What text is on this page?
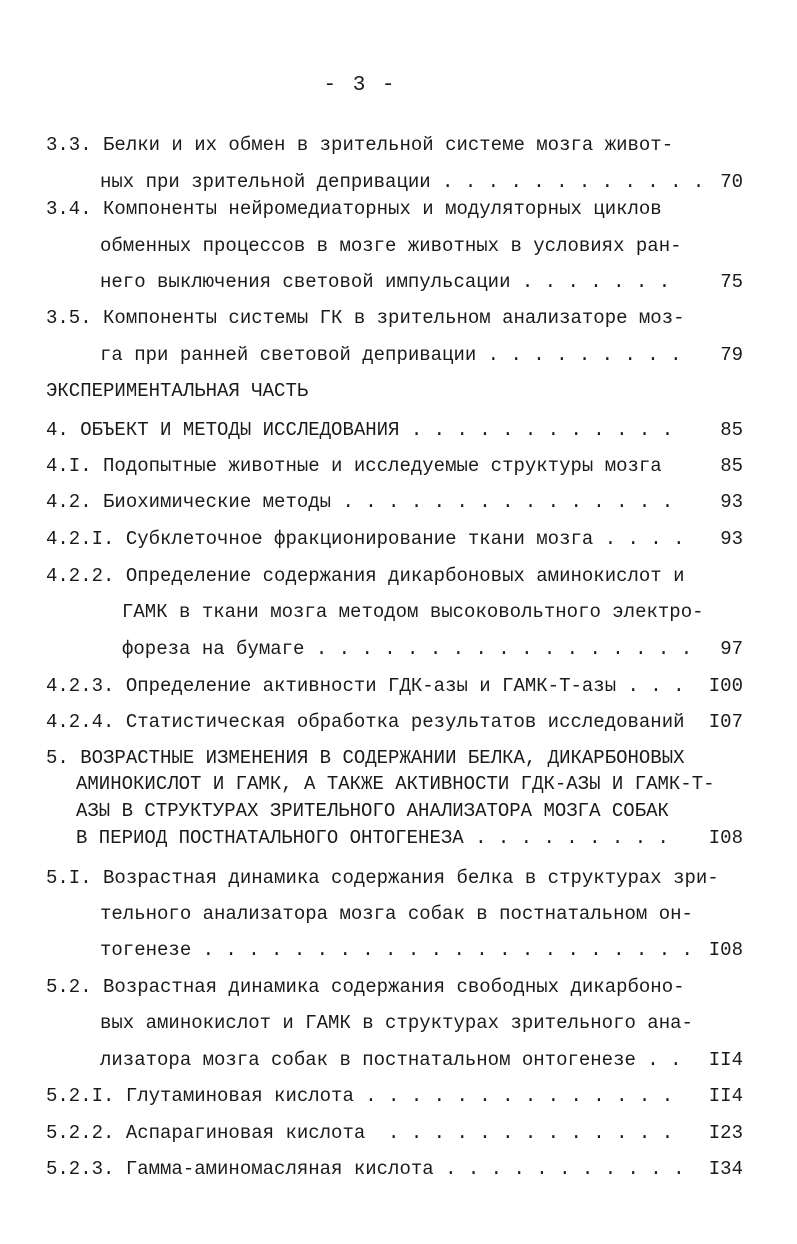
- 3 -
3.3. Белки и их обмен в зрительной системе мозга живот-
ных при зрительной депривации . . . . . . . . . . . . 70
3.4. Компоненты нейромедиаторных и модуляторных циклов
обменных процессов в мозге животных в условиях ран-
него выключения световой импульсации . . . . . . .	75
3.5. Компоненты системы ГК в зрительном анализаторе моз-
га при ранней световой депривации . . . . . . . . .	79
ЭКСПЕРИМЕНТАЛЬНАЯ ЧАСТЬ
4. ОБЪЕКТ И МЕТОДЫ ИССЛЕДОВАНИЯ . . . . . . . . . . . .	85
4.I. Подопытные животные и исследуемые структуры мозга	85
4.2. Биохимические методы . . . . . . . . . . . . . . .	93
4.2.I. Субклеточное фракционирование ткани мозга . . . .	93
4.2.2. Определение содержания дикарбоновых аминокислот и
ГАМК в ткани мозга методом высоковольтного электро-
фореза на бумаге . . . . . . . . . . . . . . . . .	97
4.2.3. Определение активности ГДК-азы и ГАМК-Т-азы . . .	I00
4.2.4. Статистическая обработка результатов исследований	I07
5. ВОЗРАСТНЫЕ ИЗМЕНЕНИЯ В СОДЕРЖАНИИ БЕЛКА, ДИКАРБОНОВЫХ
АМИНОКИСЛОТ И ГАМК, А ТАКЖЕ АКТИВНОСТИ ГДК-АЗЫ И ГАМК-Т-
АЗЫ В СТРУКТУРАХ ЗРИТЕЛЬНОГО АНАЛИЗАТОРА МОЗГА СОБАК
В ПЕРИОД ПОСТНАТАЛЬНОГО ОНТОГЕНЕЗА . . . . . . . . .	I08
5.I. Возрастная динамика содержания белка в структурах зри-
тельного анализатора мозга собак в постнатальном он-
тогенезе . . . . . . . . . . . . . . . . . . . . . . I08
5.2. Возрастная динамика содержания свободных дикарбоно-
вых аминокислот и ГАМК в структурах зрительного ана-
лизатора мозга собак в постнатальном онтогенезе . .	II4
5.2.I. Глутаминовая кислота . . . . . . . . . . . . . .	II4
5.2.2. Аспарагиновая кислота  . . . . . . . . . . . . .	I23
5.2.3. Гамма-аминомасляная кислота . . . . . . . . . . .	I34
